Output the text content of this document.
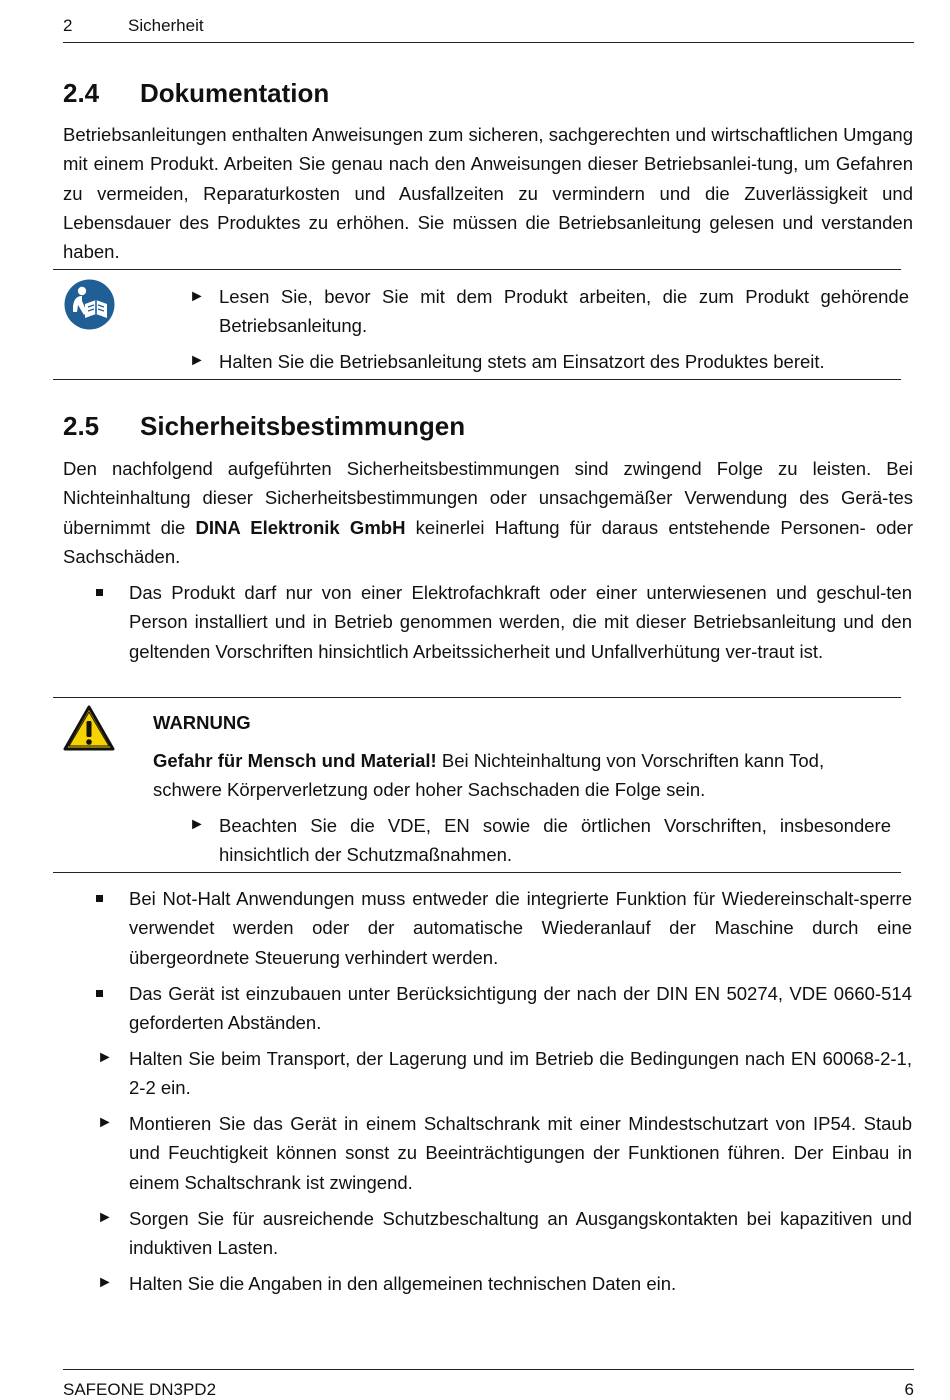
2	Sicherheit
2.4 Dokumentation

Betriebsanleitungen enthalten Anweisungen zum sicheren, sachgerechten und wirtschaftlichen Umgang mit einem Produkt. Arbeiten Sie genau nach den Anweisungen dieser Betriebsanlei-tung, um Gefahren zu vermeiden, Reparaturkosten und Ausfallzeiten zu vermindern und die Zuverlässigkeit und Lebensdauer des Produktes zu erhöhen. Sie müssen die Betriebsanleitung gelesen und verstanden haben.

► Lesen Sie, bevor Sie mit dem Produkt arbeiten, die zum Produkt gehörende Betriebsanleitung.

► Halten Sie die Betriebsanleitung stets am Einsatzort des Produktes bereit.

2.5 Sicherheitsbestimmungen

Den nachfolgend aufgeführten Sicherheitsbestimmungen sind zwingend Folge zu leisten. Bei Nichteinhaltung dieser Sicherheitsbestimmungen oder unsachgemäßer Verwendung des Gerä-tes übernimmt die DINA Elektronik GmbH keinerlei Haftung für daraus entstehende Personen- oder Sachschäden.

Das Produkt darf nur von einer Elektrofachkraft oder einer unterwiesenen und geschul-ten Person installiert und in Betrieb genommen werden, die mit dieser Betriebsanleitung und den geltenden Vorschriften hinsichtlich Arbeitssicherheit und Unfallverhütung ver-traut ist.

WARNUNG

Gefahr für Mensch und Material! Bei Nichteinhaltung von Vorschriften kann Tod, schwere Körperverletzung oder hoher Sachschaden die Folge sein.

► Beachten Sie die VDE, EN sowie die örtlichen Vorschriften, insbesondere hinsichtlich der Schutzmaßnahmen.

Bei Not-Halt Anwendungen muss entweder die integrierte Funktion für Wiedereinschalt-sperre verwendet werden oder der automatische Wiederanlauf der Maschine durch eine übergeordnete Steuerung verhindert werden.

Das Gerät ist einzubauen unter Berücksichtigung der nach der DIN EN 50274, VDE 0660-514 geforderten Abständen.

► Halten Sie beim Transport, der Lagerung und im Betrieb die Bedingungen nach EN 60068-2-1, 2-2 ein.

► Montieren Sie das Gerät in einem Schaltschrank mit einer Mindestschutzart von IP54. Staub und Feuchtigkeit können sonst zu Beeinträchtigungen der Funktionen führen. Der Einbau in einem Schaltschrank ist zwingend.

► Sorgen Sie für ausreichende Schutzbeschaltung an Ausgangskontakten bei kapazitiven und induktiven Lasten.

► Halten Sie die Angaben in den allgemeinen technischen Daten ein.

SAFEONE DN3PD2	6
